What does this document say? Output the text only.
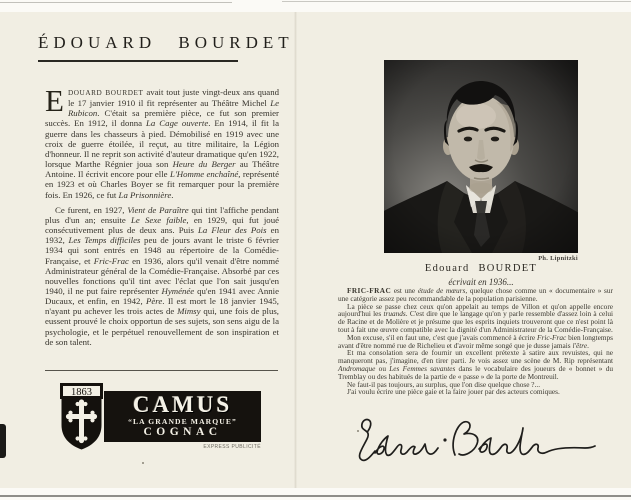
ÉDOUARD BOURDET

EDOUARD BOURDET avait tout juste vingt-deux ans quand le 17 janvier 1910 il fit représenter au Théâtre Michel Le Rubicon. C'était sa première pièce, ce fut son premier succès. En 1912, il donna La Cage ouverte. En 1914, il fit la guerre dans les chasseurs à pied. Démobilisé en 1919 avec une croix de guerre étoilée, il reçut, au titre militaire, la Légion d'honneur. Il ne reprit son activité d'auteur dramatique qu'en 1922, lorsque Marthe Régnier joua son Heure du Berger au Théâtre Antoine. Il écrivit encore pour elle L'Homme enchaîné, représenté en 1923 et où Charles Boyer se fit remarquer pour la première fois. En 1926, ce fut La Prisonnière.

Ce furent, en 1927, Vient de Paraître qui tint l'affiche pendant plus d'un an; ensuite Le Sexe faible, en 1929, qui fut joué consécutivement plus de deux ans. Puis La Fleur des Pois en 1932, Les Temps difficiles peu de jours avant le triste 6 février 1934 qui sont entrés en 1948 au répertoire de la Comédie-Française, et Fric-Frac en 1936, alors qu'il venait d'être nommé Administrateur général de la Comédie-Française. Absorbé par ces nouvelles fonctions qu'il tint avec l'éclat que l'on sait jusqu'en 1940, il ne put faire représenter Hyménée qu'en 1941 avec Annie Ducaux, et enfin, en 1942, Père. Il est mort le 18 janvier 1945, n'ayant pu achever les trois actes de Mimsy qui, une fois de plus, eussent prouvé le choix opportun de ses sujets, son sens aigu de la psychologie, et le perpétuel renouvellement de son inspiration et de son talent.

1863	CAMUS
“LA GRANDE MARQUE”
COGNAC
EXPRESS PUBLICITÉ
Ph. Lipnitzki
Edouard BOURDET
écrivait en 1936...

FRIC-FRAC est une étude de mœurs, quelque chose comme un « documentaire » sur une catégorie assez peu recommandable de la population parisienne.

La pièce se passe chez ceux qu'on appelait au temps de Villon et qu'on appelle encore aujourd'hui les truands. C'est dire que le langage qu'on y parle ressemble d'assez loin à celui de Racine et de Molière et je présume que les esprits inquiets trouveront que ce n'est point là tout à fait une œuvre compatible avec la dignité d'un Administrateur de la Comédie-Française.

Mon excuse, s'il en faut une, c'est que j'avais commencé à écrire Fric-Frac bien longtemps avant d'être nommé rue de Richelieu et d'avoir même songé que je dusse jamais l'être.

Et ma consolation sera de fournir un excellent prétexte à satire aux revuistes, qui ne manqueront pas, j'imagine, d'en tirer parti. Je vois assez une scène de M. Rip représentant Andromaque ou Les Femmes savantes dans le vocabulaire des joueurs de « bonnet » du Tremblay ou des habitués de la partie de « passe » de la porte de Montreuil.

Ne faut-il pas toujours, au surplus, que l'on dise quelque chose ?...

J'ai voulu écrire une pièce gaie et la faire jouer par des acteurs comiques.
